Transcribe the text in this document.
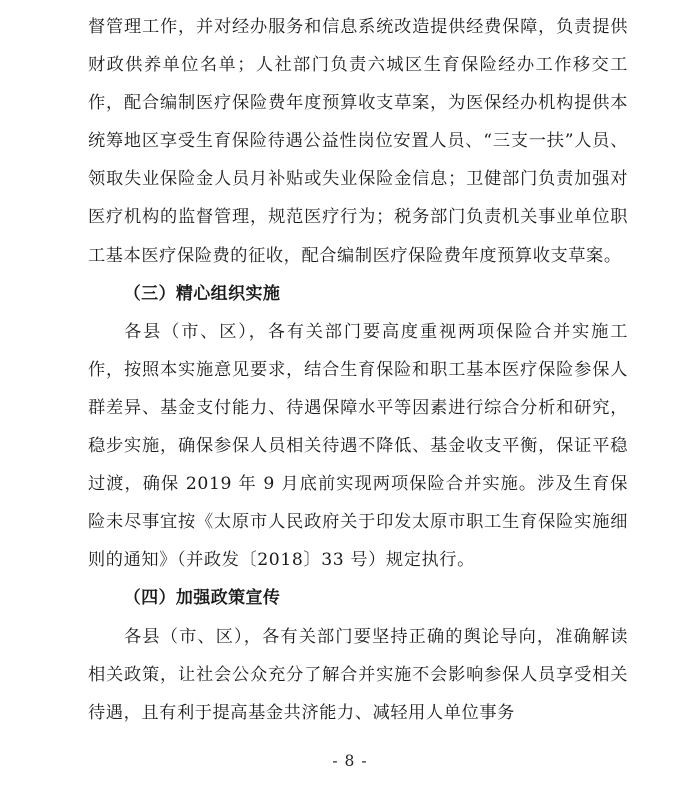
督管理工作，并对经办服务和信息系统改造提供经费保障，负责提供财政供养单位名单；人社部门负责六城区生育保险经办工作移交工作，配合编制医疗保险费年度预算收支草案，为医保经办机构提供本统筹地区享受生育保险待遇公益性岗位安置人员、“三支一扶”人员、领取失业保险金人员月补贴或失业保险金信息；卫健部门负责加强对医疗机构的监督管理，规范医疗行为；税务部门负责机关事业单位职工基本医疗保险费的征收，配合编制医疗保险费年度预算收支草案。

（三）精心组织实施

各县（市、区），各有关部门要高度重视两项保险合并实施工作，按照本实施意见要求，结合生育保险和职工基本医疗保险参保人群差异、基金支付能力、待遇保障水平等因素进行综合分析和研究，稳步实施，确保参保人员相关待遇不降低、基金收支平衡，保证平稳过渡，确保 2019 年 9 月底前实现两项保险合并实施。涉及生育保险未尽事宜按《太原市人民政府关于印发太原市职工生育保险实施细则的通知》（并政发〔2018〕33 号）规定执行。

（四）加强政策宣传

各县（市、区），各有关部门要坚持正确的舆论导向，准确解读相关政策，让社会公众充分了解合并实施不会影响参保人员享受相关待遇，且有利于提高基金共济能力、减轻用人单位事务

- 8 -
